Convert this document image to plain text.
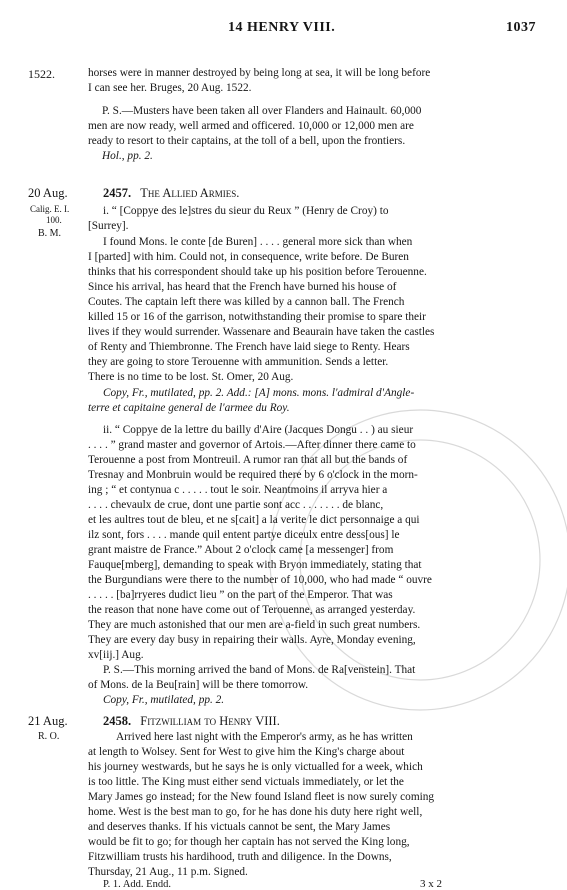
14 HENRY VIII.	1037
1522.	horses were in manner destroyed by being long at sea, it will be long before
I can see her. Bruges, 20 Aug. 1522.
P. S.—Musters have been taken all over Flanders and Hainault. 60,000
men are now ready, well armed and officered. 10,000 or 12,000 men are
ready to resort to their captains, at the toll of a bell, upon the frontiers.
Hol., pp. 2.
20 Aug.	2457. The Allied Armies.
Calig. E. I.
100.
B. M.
i. “ [Coppye des le]stres du sieur du Reux ” (Henry de Croy) to
[Surrey].
I found Mons. le conte [de Buren] . . . . general more sick than when
I [parted] with him. Could not, in consequence, write before. De Buren
thinks that his correspondent should take up his position before Terouenne.
Since his arrival, has heard that the French have burned his house of
Coutes. The captain left there was killed by a cannon ball. The French
killed 15 or 16 of the garrison, notwithstanding their promise to spare their
lives if they would surrender. Wassenare and Beaurain have taken the castles
of Renty and Thiembronne. The French have laid siege to Renty. Hears
they are going to store Terouenne with ammunition. Sends a letter.
There is no time to be lost. St. Omer, 20 Aug.
Copy, Fr., mutilated, pp. 2. Add.: [A] mons. mons. l'admiral d'Angle-
terre et capitaine general de l'armee du Roy.
ii. “ Coppye de la lettre du bailly d'Aire (Jacques Dongu . . ) au sieur
. . . . ” grand master and governor of Artois.—After dinner there came to
Terouenne a post from Montreuil. A rumor ran that all but the bands of
Tresnay and Monbruin would be required there by 6 o'clock in the morn-
ing ; “ et contynua c . . . . . tout le soir. Neantmoins il arryva hier a
. . . . chevaulx de crue, dont une partie sont acc . . . . . . . de blanc,
et les aultres tout de bleu, et ne s[cait] a la verite le dict personnaige a qui
ilz sont, fors . . . . mande quil entent partye diceulx entre dess[ous] le
grant maistre de France.” About 2 o'clock came [a messenger] from
Fauque[mberg], demanding to speak with Bryon immediately, stating that
the Burgundians were there to the number of 10,000, who had made “ ouvre
. . . . . [ba]rryeres dudict lieu ” on the part of the Emperor. That was
the reason that none have come out of Terouenne, as arranged yesterday.
They are much astonished that our men are a-field in such great numbers.
They are every day busy in repairing their walls. Ayre, Monday evening,
xv[iij.] Aug.
P. S.—This morning arrived the band of Mons. de Ra[venstein]. That
of Mons. de la Beu[rain] will be there tomorrow.
Copy, Fr., mutilated, pp. 2.
21 Aug.	2458. Fitzwilliam to Henry VIII.
R. O.	Arrived here last night with the Emperor's army, as he has written
at length to Wolsey. Sent for West to give him the King's charge about
his journey westwards, but he says he is only victualled for a week, which
is too little. The King must either send victuals immediately, or let the
Mary James go instead; for the New found Island fleet is now surely coming
home. West is the best man to go, for he has done his duty here right well,
and deserves thanks. If his victuals cannot be sent, the Mary James
would be fit to go; for though her captain has not served the King long,
Fitzwilliam trusts his hardihood, truth and diligence. In the Downs,
Thursday, 21 Aug., 11 p.m. Signed.
P. 1. Add. Endd.	3 x 2
